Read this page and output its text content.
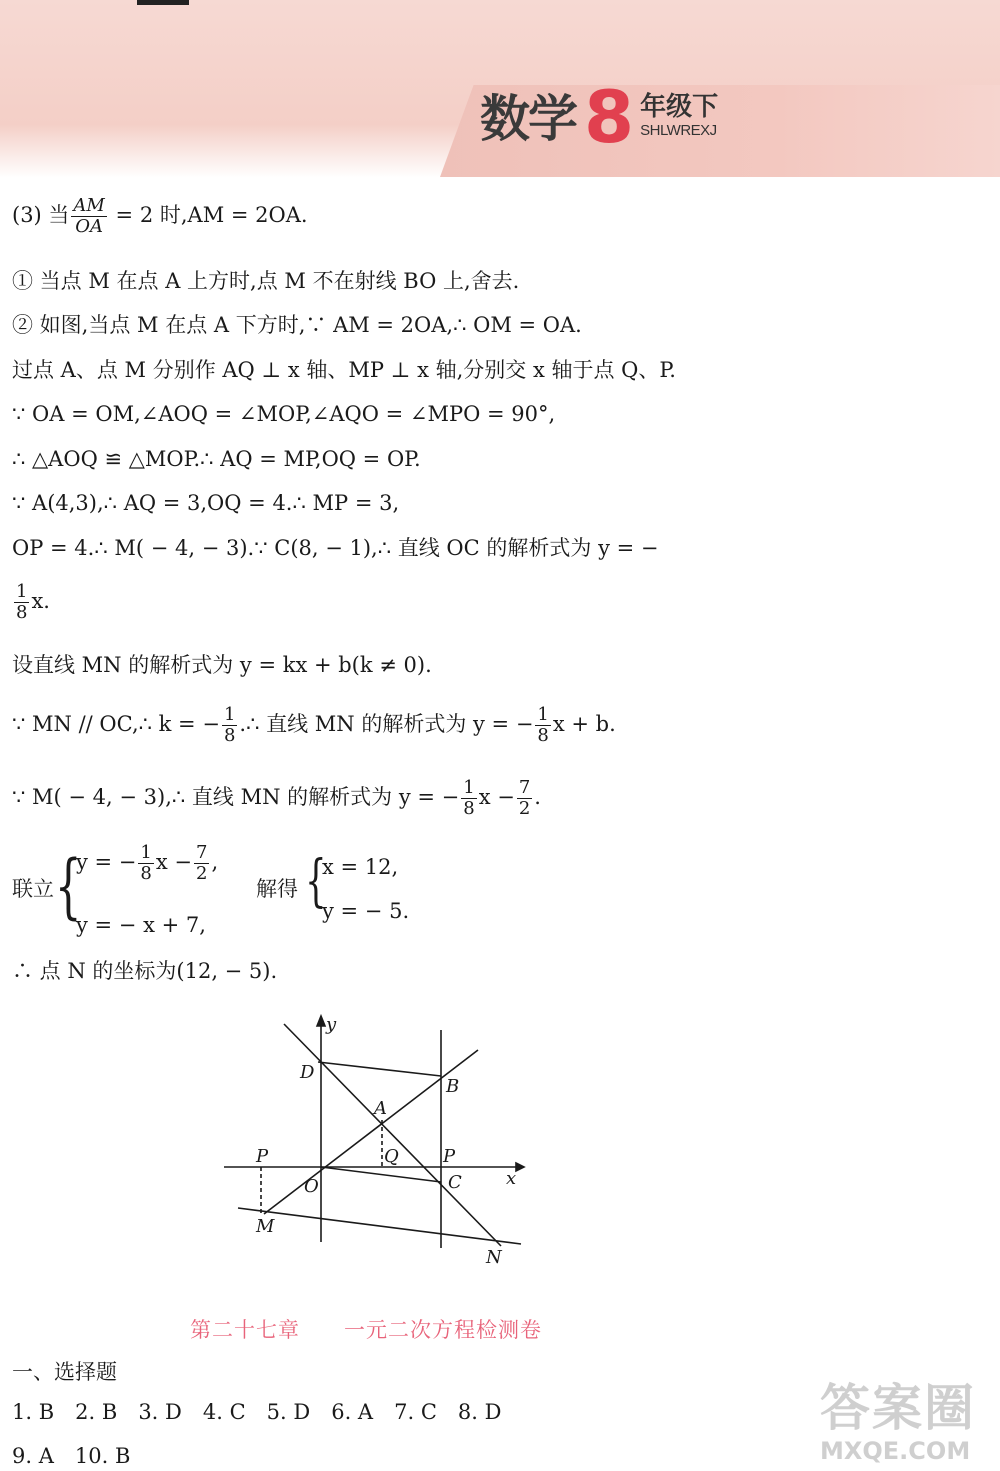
数学 8 年级下
SHLWREXJ
(3) 当 $\frac{AM}{OA} = 2$ 时,AM = 2OA.
① 当点 M 在点 A 上方时,点 M 不在射线 BO 上,舍去.
② 如图,当点 M 在点 A 下方时,∵ AM = 2OA,∴ OM = OA.
过点 A、点 M 分别作 AQ ⊥ x 轴、MP ⊥ x 轴,分别交 x 轴于点 Q、P.
∵ OA = OM,∠AOQ = ∠MOP,∠AQO = ∠MPO = 90°,
∴ △AOQ ≌ △MOP.∴ AQ = MP,OQ = OP.
∵ A(4,3),∴ AQ = 3,OQ = 4.∴ MP = 3,
OP = 4.∴ M( − 4, − 3).∵ C(8, − 1),∴ 直线 OC 的解析式为 y = −
$\frac{1}{8} x$.
设直线 MN 的解析式为 y = kx + b(k ≠ 0).
∵ MN // OC,∴ k = − $\frac{1}{8}$ .∴ 直线 MN 的解析式为 y = − $\frac{1}{8}$ x + b.
∵ M( − 4, − 3),∴ 直线 MN 的解析式为 y = − $\frac{1}{8}$ $x - \frac{7}{2}$ .
联立 {
y = − $\frac{1}{8}$ $x - \frac{7}{2}$ ,
y = − x + 7,
解得 {
x = 12,
y = − 5.
∴ 点 N 的坐标为(12, − 5).
y
x
D
B
A
Q
P	P
O	C
M
N
第二十七章　　一元二次方程检测卷
一、选择题
1. B 2. B 3. D 4. C 5. D 6. A 7. C 8. D
9. A 10. B
答案圈
MXQE.COM
